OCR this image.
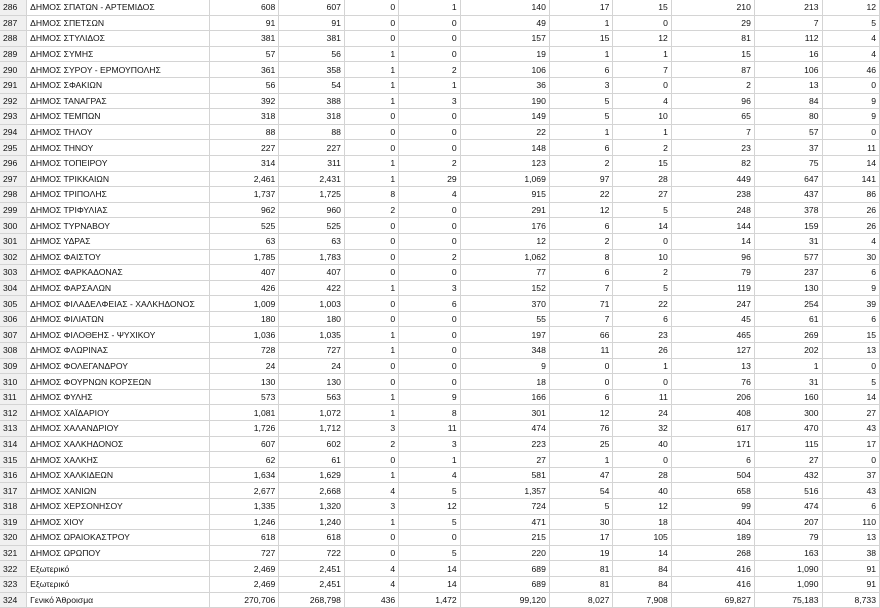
286	ΔΗΜΟΣ ΣΠΑΤΩΝ - ΑΡΤΕΜΙΔΟΣ	608	607	0	1	140	17	15	210	213	12
287	ΔΗΜΟΣ ΣΠΕΤΣΩΝ	91	91	0	0	49	1	0	29	7	5
288	ΔΗΜΟΣ ΣΤΥΛΙΔΟΣ	381	381	0	0	157	15	12	81	112	4
289	ΔΗΜΟΣ ΣΥΜΗΣ	57	56	1	0	19	1	1	15	16	4
290	ΔΗΜΟΣ ΣΥΡΟΥ - ΕΡΜΟΥΠΟΛΗΣ	361	358	1	2	106	6	7	87	106	46
291	ΔΗΜΟΣ ΣΦΑΚΙΩΝ	56	54	1	1	36	3	0	2	13	0
292	ΔΗΜΟΣ ΤΑΝΑΓΡΑΣ	392	388	1	3	190	5	4	96	84	9
293	ΔΗΜΟΣ ΤΕΜΠΩΝ	318	318	0	0	149	5	10	65	80	9
294	ΔΗΜΟΣ ΤΗΛΟΥ	88	88	0	0	22	1	1	7	57	0
295	ΔΗΜΟΣ ΤΗΝΟΥ	227	227	0	0	148	6	2	23	37	11
296	ΔΗΜΟΣ ΤΟΠΕΙΡΟΥ	314	311	1	2	123	2	15	82	75	14
297	ΔΗΜΟΣ ΤΡΙΚΚΑΙΩΝ	2,461	2,431	1	29	1,069	97	28	449	647	141
298	ΔΗΜΟΣ ΤΡΙΠΟΛΗΣ	1,737	1,725	8	4	915	22	27	238	437	86
299	ΔΗΜΟΣ ΤΡΙΦΥΛΙΑΣ	962	960	2	0	291	12	5	248	378	26
300	ΔΗΜΟΣ ΤΥΡΝΑΒΟΥ	525	525	0	0	176	6	14	144	159	26
301	ΔΗΜΟΣ ΥΔΡΑΣ	63	63	0	0	12	2	0	14	31	4
302	ΔΗΜΟΣ ΦΑΙΣΤΟΥ	1,785	1,783	0	2	1,062	8	10	96	577	30
303	ΔΗΜΟΣ ΦΑΡΚΑΔΟΝΑΣ	407	407	0	0	77	6	2	79	237	6
304	ΔΗΜΟΣ ΦΑΡΣΑΛΩΝ	426	422	1	3	152	7	5	119	130	9
305	ΔΗΜΟΣ ΦΙΛΑΔΕΛΦΕΙΑΣ - ΧΑΛΚΗΔΟΝΟΣ	1,009	1,003	0	6	370	71	22	247	254	39
306	ΔΗΜΟΣ ΦΙΛΙΑΤΩΝ	180	180	0	0	55	7	6	45	61	6
307	ΔΗΜΟΣ ΦΙΛΟΘΕΗΣ - ΨΥΧΙΚΟΥ	1,036	1,035	1	0	197	66	23	465	269	15
308	ΔΗΜΟΣ ΦΛΩΡΙΝΑΣ	728	727	1	0	348	11	26	127	202	13
309	ΔΗΜΟΣ ΦΟΛΕΓΑΝΔΡΟΥ	24	24	0	0	9	0	1	13	1	0
310	ΔΗΜΟΣ ΦΟΥΡΝΩΝ ΚΟΡΣΕΩΝ	130	130	0	0	18	0	0	76	31	5
311	ΔΗΜΟΣ ΦΥΛΗΣ	573	563	1	9	166	6	11	206	160	14
312	ΔΗΜΟΣ ΧΑΪΔΑΡΙΟΥ	1,081	1,072	1	8	301	12	24	408	300	27
313	ΔΗΜΟΣ ΧΑΛΑΝΔΡΙΟΥ	1,726	1,712	3	11	474	76	32	617	470	43
314	ΔΗΜΟΣ ΧΑΛΚΗΔΟΝΟΣ	607	602	2	3	223	25	40	171	115	17
315	ΔΗΜΟΣ ΧΑΛΚΗΣ	62	61	0	1	27	1	0	6	27	0
316	ΔΗΜΟΣ ΧΑΛΚΙΔΕΩΝ	1,634	1,629	1	4	581	47	28	504	432	37
317	ΔΗΜΟΣ ΧΑΝΙΩΝ	2,677	2,668	4	5	1,357	54	40	658	516	43
318	ΔΗΜΟΣ ΧΕΡΣΟΝΗΣΟΥ	1,335	1,320	3	12	724	5	12	99	474	6
319	ΔΗΜΟΣ ΧΙΟΥ	1,246	1,240	1	5	471	30	18	404	207	110
320	ΔΗΜΟΣ ΩΡΑΙΟΚΑΣΤΡΟΥ	618	618	0	0	215	17	105	189	79	13
321	ΔΗΜΟΣ ΩΡΩΠΟΥ	727	722	0	5	220	19	14	268	163	38
322	Εξωτερικό	2,469	2,451	4	14	689	81	84	416	1,090	91
323	Εξωτερικό	2,469	2,451	4	14	689	81	84	416	1,090	91
324	Γενικό Άθροισμα	270,706	268,798	436	1,472	99,120	8,027	7,908	69,827	75,183	8,733
